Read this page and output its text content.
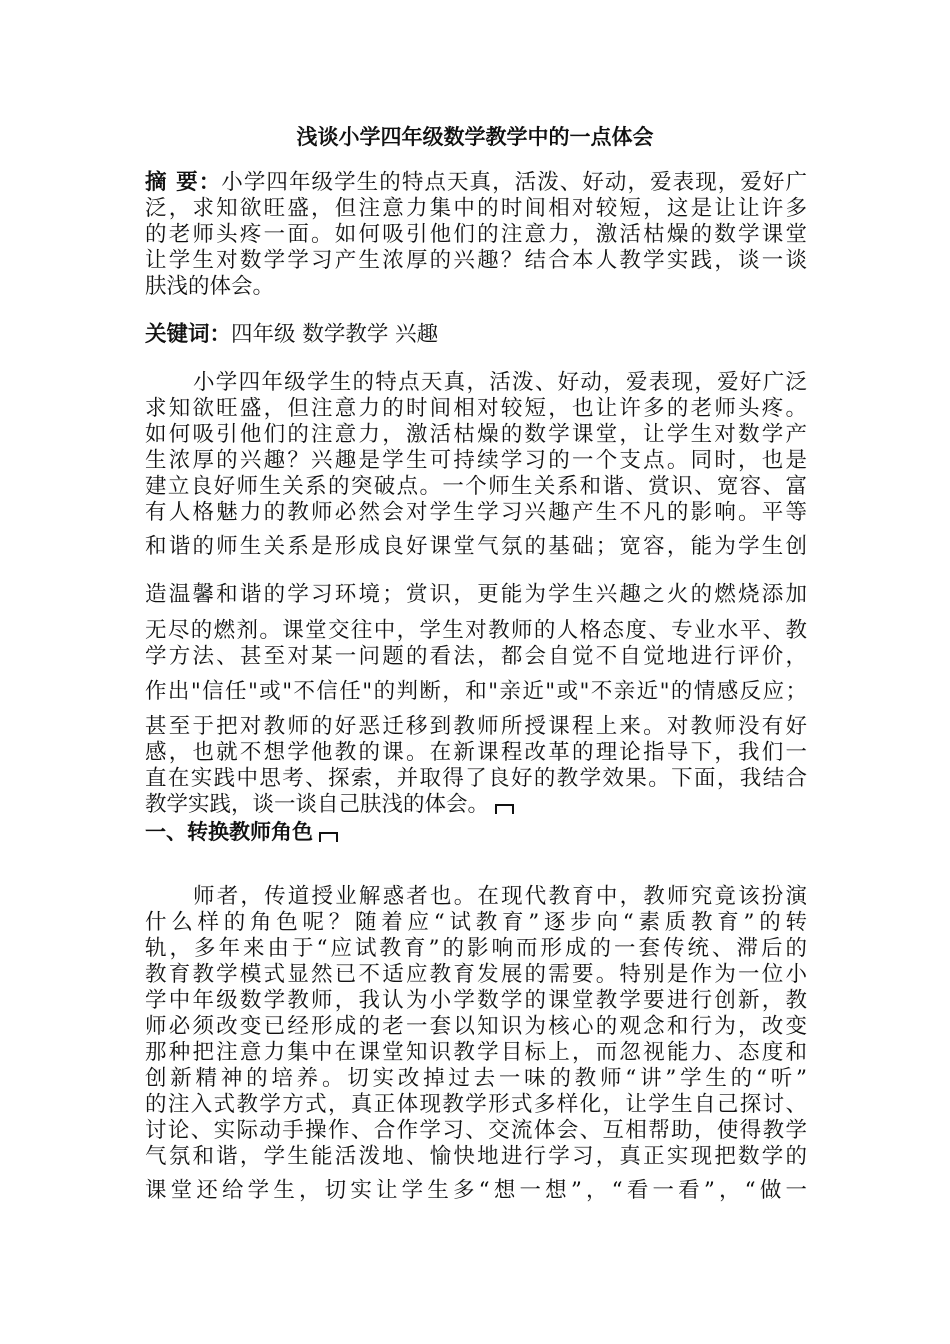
浅谈小学四年级数学教学中的一点体会
摘 要：小学四年级学生的特点天真，活泼、好动，爱表现，爱好广
泛，求知欲旺盛，但注意力集中的时间相对较短，这是让让许多
的老师头疼一面。如何吸引他们的注意力，激活枯燥的数学课堂
让学生对数学学习产生浓厚的兴趣？结合本人教学实践，谈一谈
肤浅的体会。
关键词：四年级 数学教学 兴趣
小学四年级学生的特点天真，活泼、好动，爱表现，爱好广泛
求知欲旺盛，但注意力的时间相对较短，也让许多的老师头疼。
如何吸引他们的注意力，激活枯燥的数学课堂，让学生对数学产
生浓厚的兴趣？兴趣是学生可持续学习的一个支点。同时，也是
建立良好师生关系的突破点。一个师生关系和谐、赏识、宽容、富
有人格魅力的教师必然会对学生学习兴趣产生不凡的影响。平等
和谐的师生关系是形成良好课堂气氛的基础；宽容，能为学生创
造温馨和谐的学习环境；赏识，更能为学生兴趣之火的燃烧添加
无尽的燃剂。课堂交往中，学生对教师的人格态度、专业水平、教
学方法、甚至对某一问题的看法，都会自觉不自觉地进行评价，
作出"信任"或"不信任"的判断，和"亲近"或"不亲近"的情感反应；
甚至于把对教师的好恶迁移到教师所授课程上来。对教师没有好
感，也就不想学他教的课。在新课程改革的理论指导下，我们一
直在实践中思考、探索，并取得了良好的教学效果。下面，我结合
教学实践，谈一谈自己肤浅的体会。
一、转换教师角色
师者，传道授业解惑者也。在现代教育中，教师究竟该扮演
什么样的角色呢？随着应“试教育”逐步向“素质教育”的转
轨，多年来由于“应试教育”的影响而形成的一套传统、滞后的
教育教学模式显然已不适应教育发展的需要。特别是作为一位小
学中年级数学教师，我认为小学数学的课堂教学要进行创新，教
师必须改变已经形成的老一套以知识为核心的观念和行为，改变
那种把注意力集中在课堂知识教学目标上，而忽视能力、态度和
创新精神的培养。切实改掉过去一味的教师“讲”学生的“听”
的注入式教学方式，真正体现教学形式多样化，让学生自己探讨、
讨论、实际动手操作、合作学习、交流体会、互相帮助，使得教学
气氛和谐，学生能活泼地、愉快地进行学习，真正实现把数学的
课堂还给学生，切实让学生多“想一想”，“看一看”，“做一
